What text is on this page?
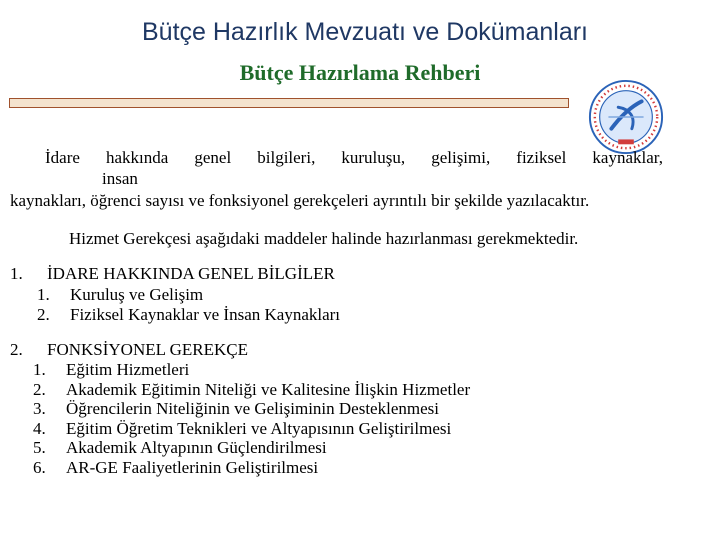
Bütçe Hazırlık Mevzuatı ve Dokümanları
Bütçe Hazırlama Rehberi
İdare hakkında genel bilgileri, kuruluşu, gelişimi, fiziksel kaynaklar,
insan
kaynakları, öğrenci sayısı ve fonksiyonel gerekçeleri ayrıntılı bir şekilde yazılacaktır.
Hizmet Gerekçesi aşağıdaki maddeler halinde hazırlanması gerekmektedir.
1. İDARE HAKKINDA GENEL BİLGİLER
1. Kuruluş ve Gelişim
2. Fiziksel Kaynaklar ve İnsan Kaynakları
2. FONKSİYONEL GEREKÇE
1. Eğitim Hizmetleri
2. Akademik Eğitimin Niteliği ve Kalitesine İlişkin Hizmetler
3. Öğrencilerin Niteliğinin ve Gelişiminin Desteklenmesi
4. Eğitim Öğretim Teknikleri ve Altyapısının Geliştirilmesi
5. Akademik Altyapının Güçlendirilmesi
6. AR-GE Faaliyetlerinin Geliştirilmesi
